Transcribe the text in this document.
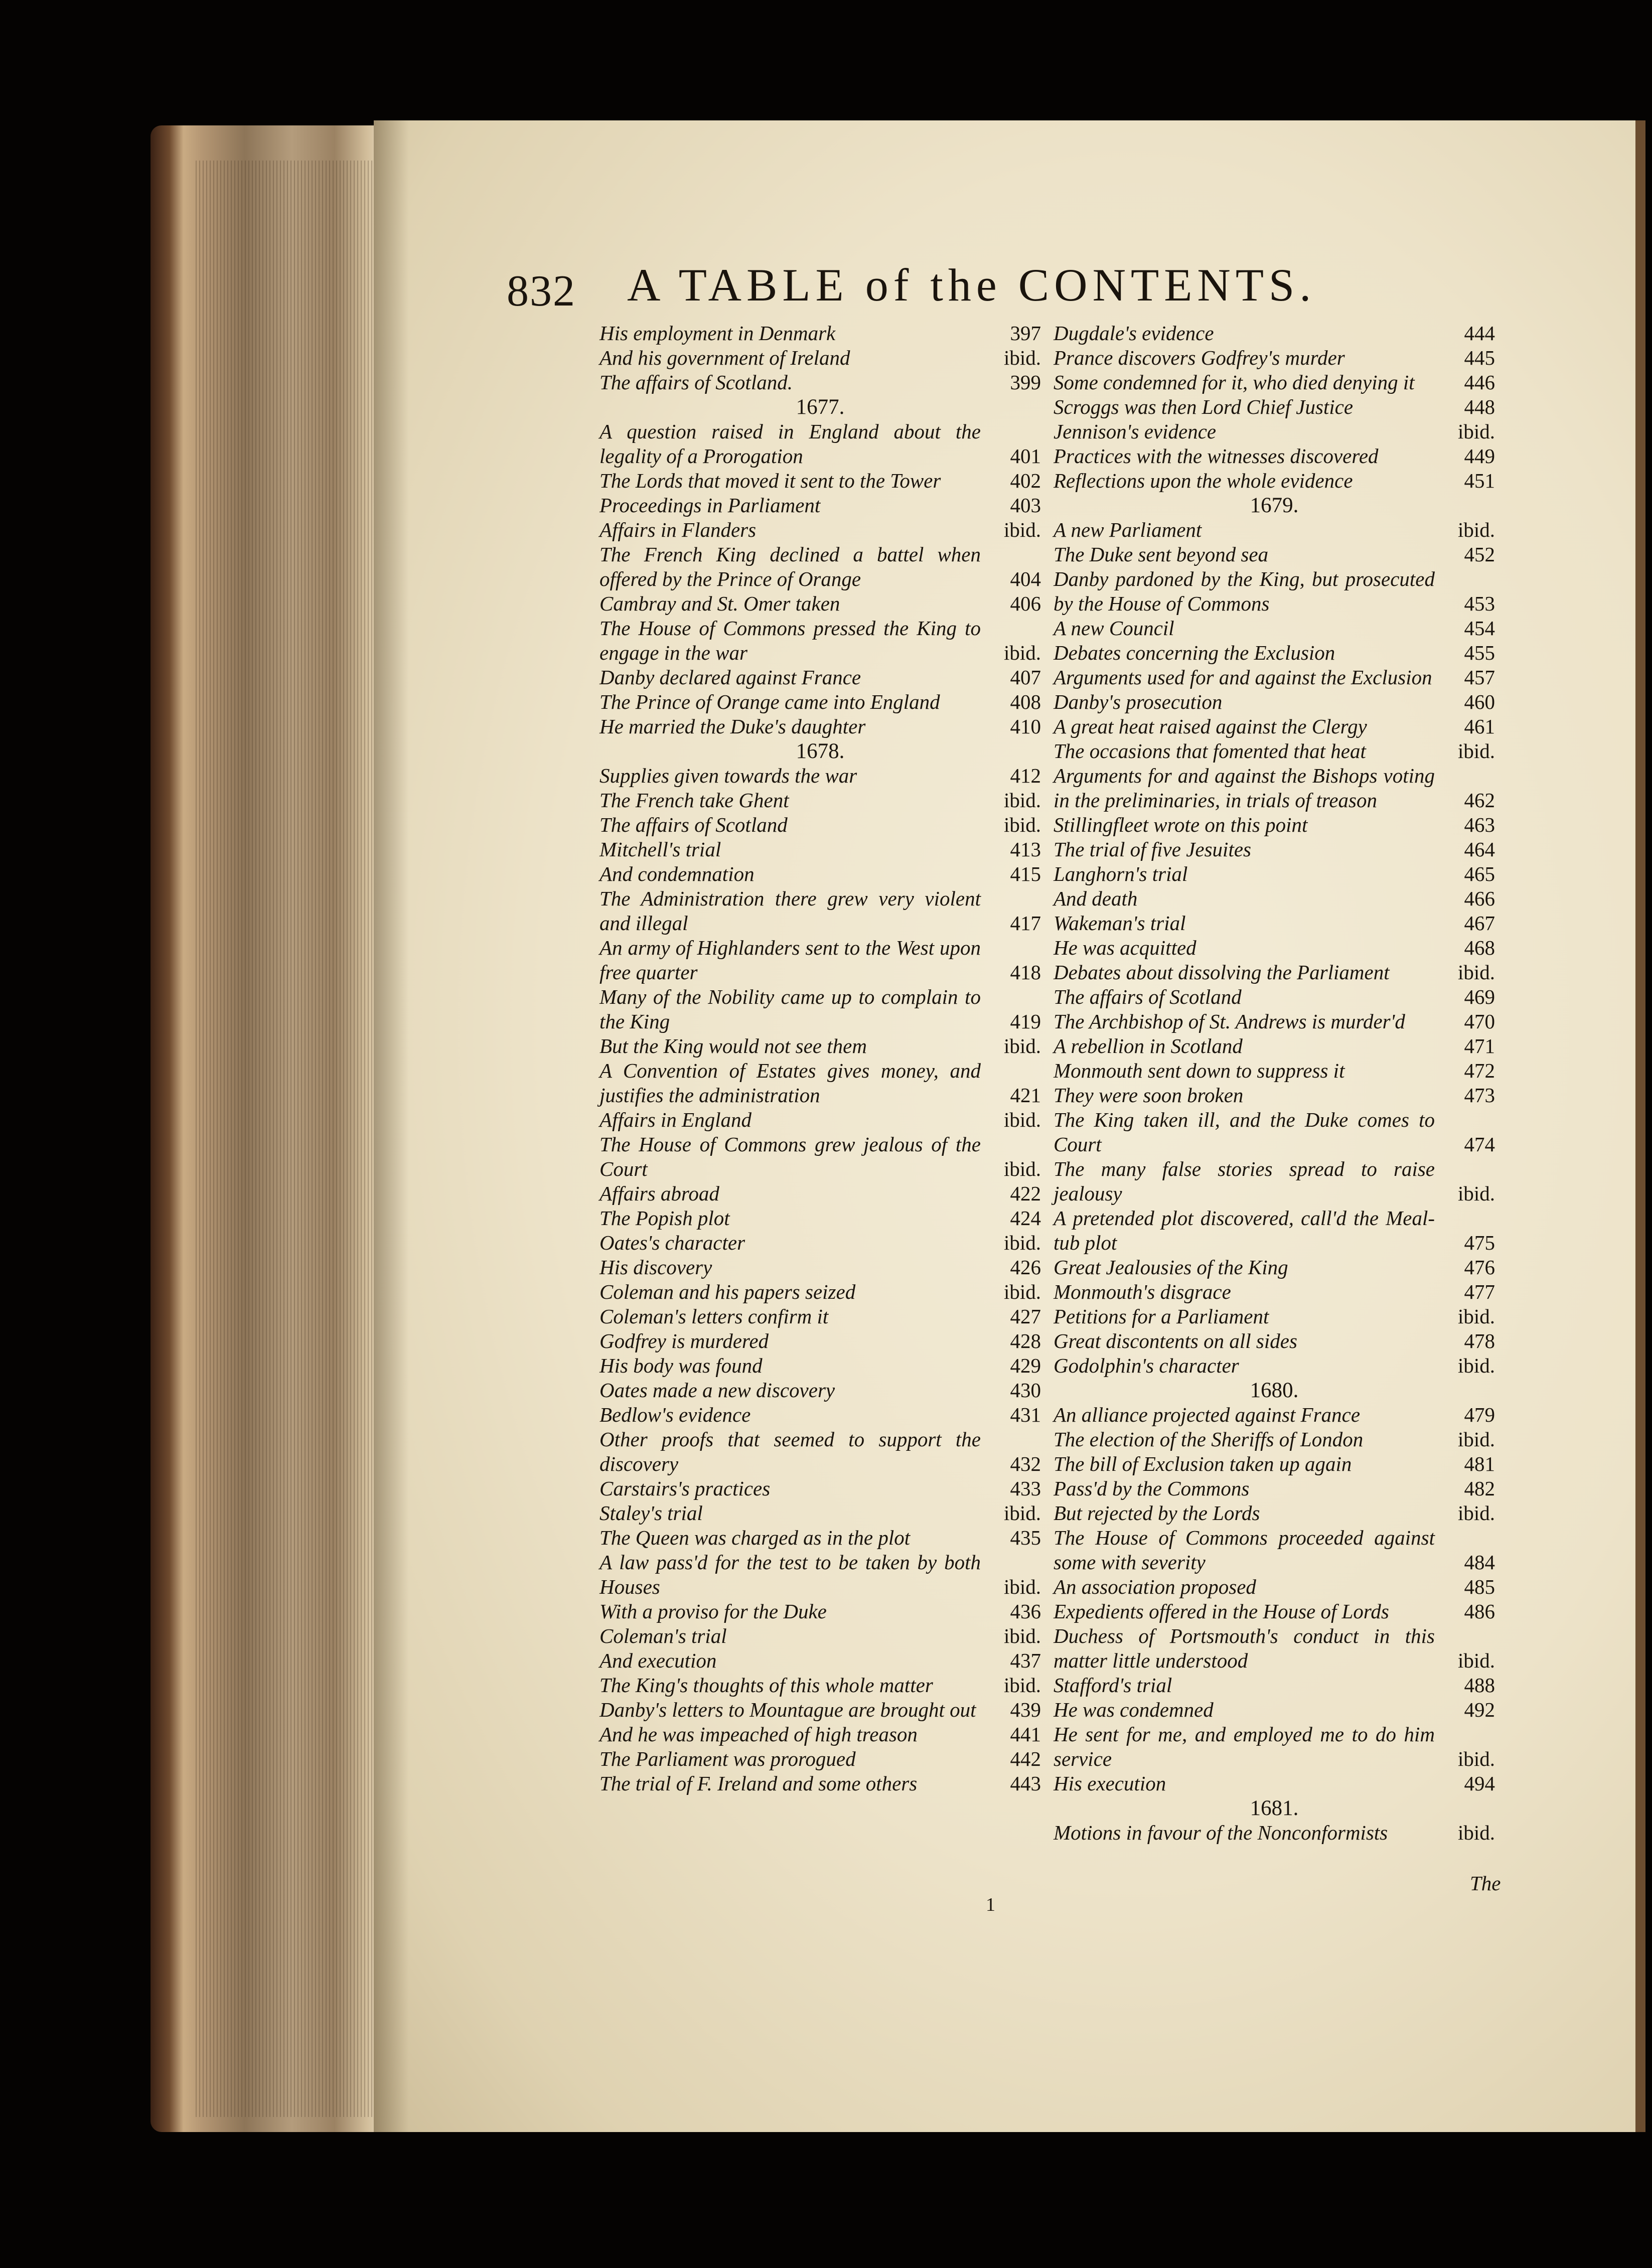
832 A TABLE of the CONTENTS.
His employment in Denmark	397
And his government of Ireland	ibid.
The affairs of Scotland.	399
1677.
A question raised in England about the legality of a Prorogation	401
The Lords that moved it sent to the Tower	402
Proceedings in Parliament	403
Affairs in Flanders	ibid.
The French King declined a battel when offered by the Prince of Orange	404
Cambray and St. Omer taken	406
The House of Commons pressed the King to engage in the war	ibid.
Danby declared against France	407
The Prince of Orange came into England	408
He married the Duke's daughter	410
1678.
Supplies given towards the war	412
The French take Ghent	ibid.
The affairs of Scotland	ibid.
Mitchell's trial	413
And condemnation	415
The Administration there grew very violent and illegal	417
An army of Highlanders sent to the West upon free quarter	418
Many of the Nobility came up to complain to the King	419
But the King would not see them	ibid.
A Convention of Estates gives money, and justifies the administration	421
Affairs in England	ibid.
The House of Commons grew jealous of the Court	ibid.
Affairs abroad	422
The Popish plot	424
Oates's character	ibid.
His discovery	426
Coleman and his papers seized	ibid.
Coleman's letters confirm it	427
Godfrey is murdered	428
His body was found	429
Oates made a new discovery	430
Bedlow's evidence	431
Other proofs that seemed to support the discovery	432
Carstairs's practices	433
Staley's trial	ibid.
The Queen was charged as in the plot	435
A law pass'd for the test to be taken by both Houses	ibid.
With a proviso for the Duke	436
Coleman's trial	ibid.
And execution	437
The King's thoughts of this whole matter	ibid.
Danby's letters to Mountague are brought out	439
And he was impeached of high treason	441
The Parliament was prorogued	442
The trial of F. Ireland and some others	443
Dugdale's evidence	444
Prance discovers Godfrey's murder	445
Some condemned for it, who died denying it	446
Scroggs was then Lord Chief Justice	448
Jennison's evidence	ibid.
Practices with the witnesses discovered	449
Reflections upon the whole evidence	451
1679.
A new Parliament	ibid.
The Duke sent beyond sea	452
Danby pardoned by the King, but prosecuted by the House of Commons	453
A new Council	454
Debates concerning the Exclusion	455
Arguments used for and against the Exclusion	457
Danby's prosecution	460
A great heat raised against the Clergy	461
The occasions that fomented that heat	ibid.
Arguments for and against the Bishops voting in the preliminaries, in trials of treason	462
Stillingfleet wrote on this point	463
The trial of five Jesuites	464
Langhorn's trial	465
And death	466
Wakeman's trial	467
He was acquitted	468
Debates about dissolving the Parliament	ibid.
The affairs of Scotland	469
The Archbishop of St. Andrews is murder'd	470
A rebellion in Scotland	471
Monmouth sent down to suppress it	472
They were soon broken	473
The King taken ill, and the Duke comes to Court	474
The many false stories spread to raise jealousy	ibid.
A pretended plot discovered, call'd the Meal-tub plot	475
Great Jealousies of the King	476
Monmouth's disgrace	477
Petitions for a Parliament	ibid.
Great discontents on all sides	478
Godolphin's character	ibid.
1680.
An alliance projected against France	479
The election of the Sheriffs of London	ibid.
The bill of Exclusion taken up again	481
Pass'd by the Commons	482
But rejected by the Lords	ibid.
The House of Commons proceeded against some with severity	484
An association proposed	485
Expedients offered in the House of Lords	486
Duchess of Portsmouth's conduct in this matter little understood	ibid.
Stafford's trial	488
He was condemned	492
He sent for me, and employed me to do him service	ibid.
His execution	494
1681.
Motions in favour of the Nonconformists	ibid.
1
The
